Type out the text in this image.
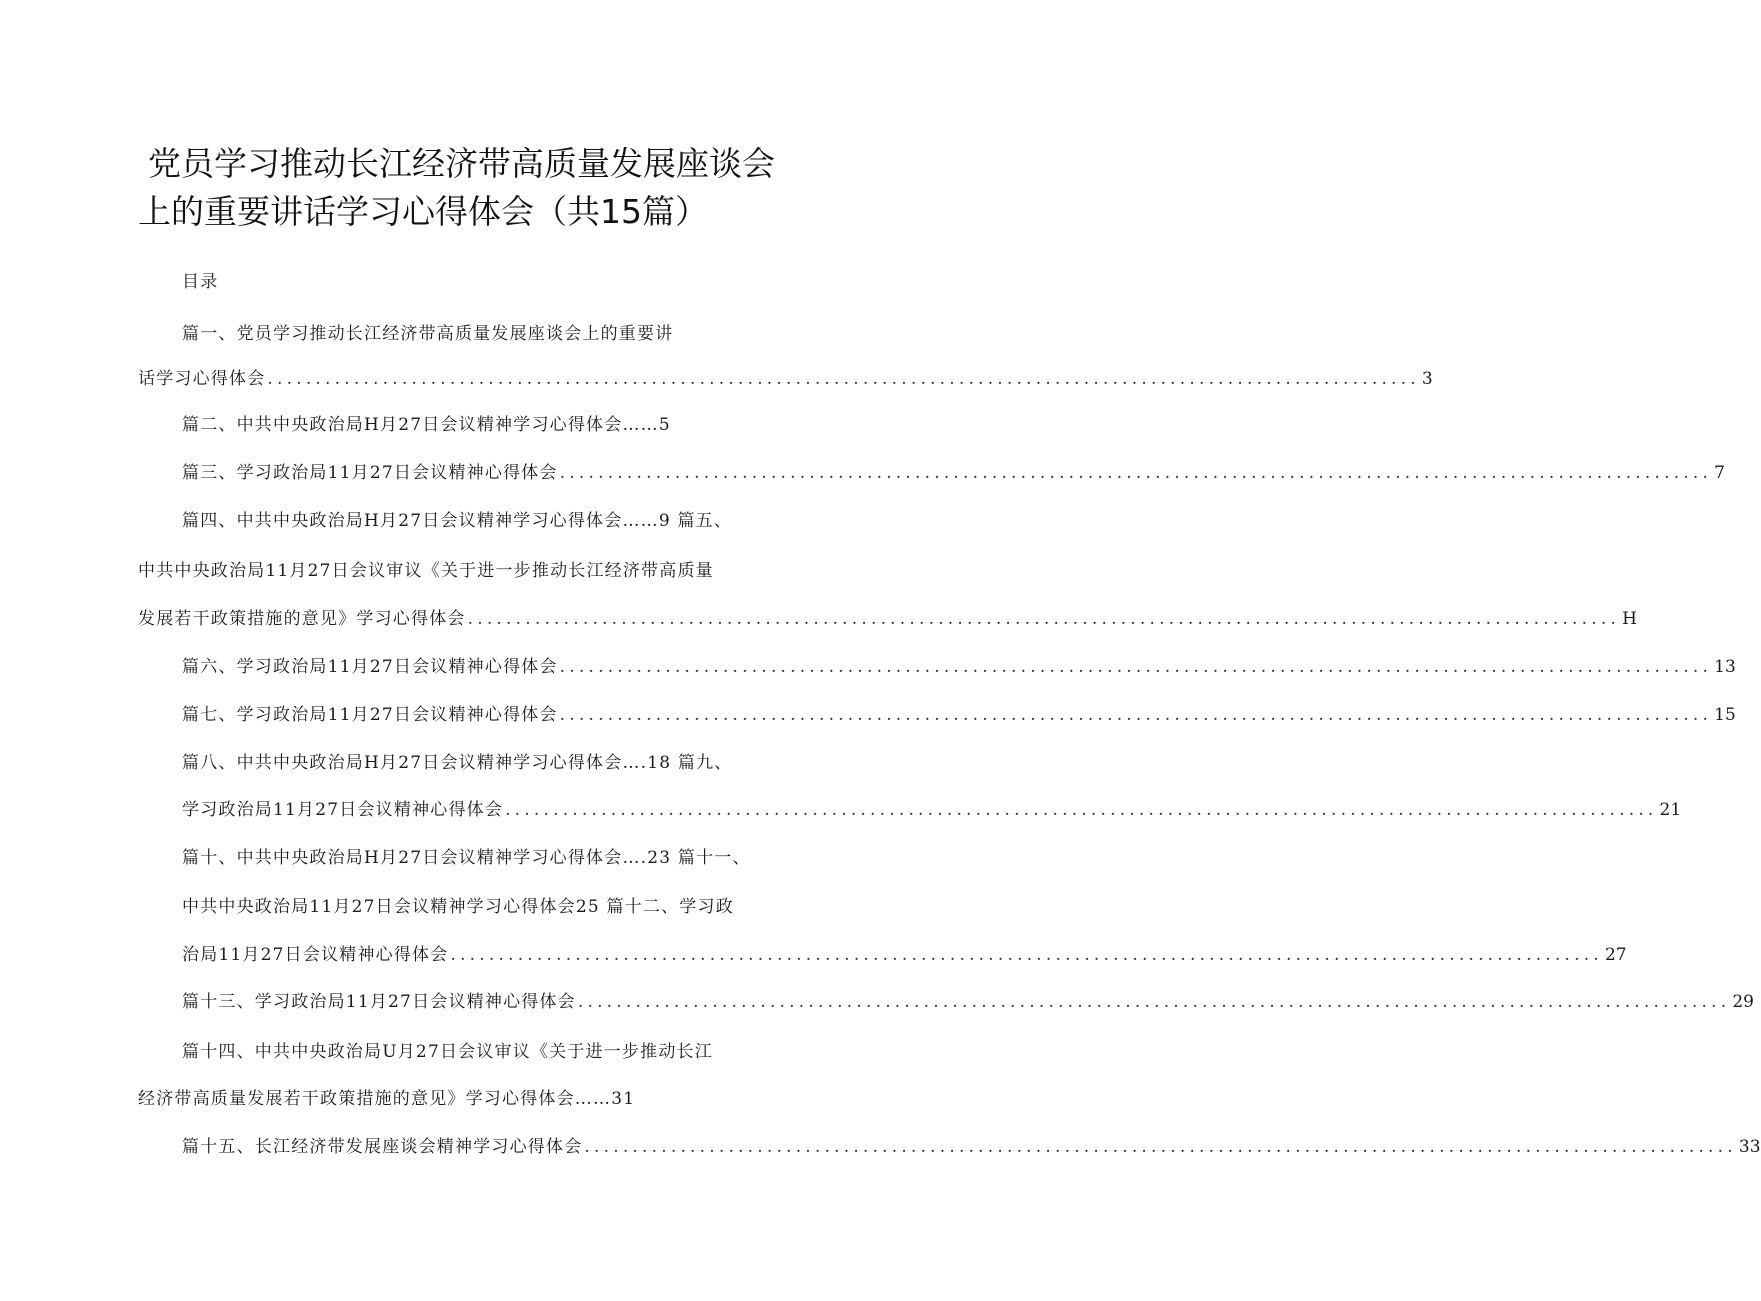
党员学习推动长江经济带高质量发展座谈会
上的重要讲话学习心得体会（共15篇）
目录
篇一、党员学习推动长江经济带高质量发展座谈会上的重要讲
话学习心得体会 ........................................................................................................................ 3
篇二、中共中央政治局H月27日会议精神学习心得体会……5
篇三、学习政治局11月27日会议精神心得体会 ........................................................................................................................ 7
篇四、中共中央政治局H月27日会议精神学习心得体会……9 篇五、
中共中央政治局11月27日会议审议《关于进一步推动长江经济带高质量
发展若干政策措施的意见》学习心得体会 ........................................................................................................................ H
篇六、学习政治局11月27日会议精神心得体会 ........................................................................................................................ 13
篇七、学习政治局11月27日会议精神心得体会 ........................................................................................................................ 15
篇八、中共中央政治局H月27日会议精神学习心得体会….18 篇九、
学习政治局11月27日会议精神心得体会 ........................................................................................................................ 21
篇十、中共中央政治局H月27日会议精神学习心得体会….23 篇十一、
中共中央政治局11月27日会议精神学习心得体会25 篇十二、学习政
治局11月27日会议精神心得体会 ........................................................................................................................ 27
篇十三、学习政治局11月27日会议精神心得体会 ........................................................................................................................ 29
篇十四、中共中央政治局U月27日会议审议《关于进一步推动长江
经济带高质量发展若干政策措施的意见》学习心得体会……31
篇十五、长江经济带发展座谈会精神学习心得体会 ........................................................................................................................ 33
